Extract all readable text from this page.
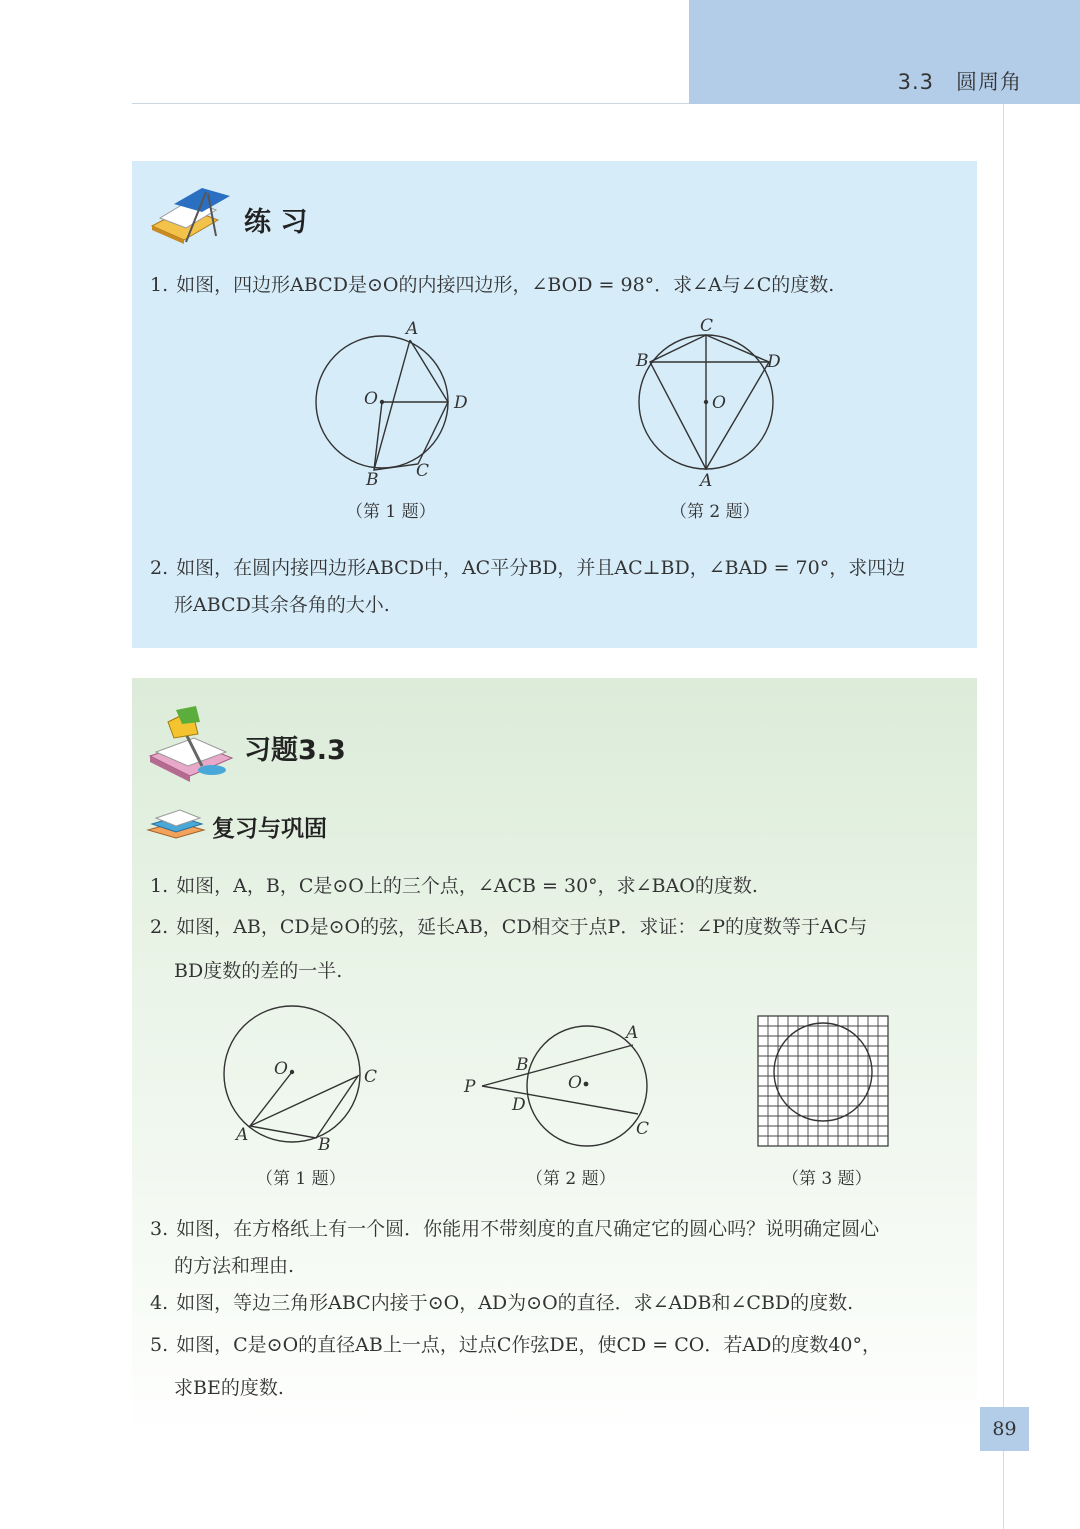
3.3　圆周角
练 习
1. 如图，四边形ABCD是⊙O的内接四边形，∠BOD = 98°．求∠A与∠C的度数.
A
D
O
B C
（第 1 题）
C
B	D
O
A
（第 2 题）
2. 如图，在圆内接四边形ABCD中，AC平分BD，并且AC⊥BD，∠BAD = 70°，求四边
形ABCD其余各角的大小.
习题3.3
复习与巩固
1. 如图，A，B，C是⊙O上的三个点，∠ACB = 30°，求∠BAO的度数.
2. 如图，AB，CD是⊙O的弦，延长AB，CD相交于点P．求证：∠P的度数等于AC与
BD度数的差的一半.
O	C
A	B
（第 1 题）
P
B
D
O
A
C
（第 2 题）	（第 3 题）
3. 如图，在方格纸上有一个圆．你能用不带刻度的直尺确定它的圆心吗？说明确定圆心
的方法和理由.
4. 如图，等边三角形ABC内接于⊙O，AD为⊙O的直径．求∠ADB和∠CBD的度数.
5. 如图，C是⊙O的直径AB上一点，过点C作弦DE，使CD = CO．若AD的度数40°，
求BE的度数.
89
